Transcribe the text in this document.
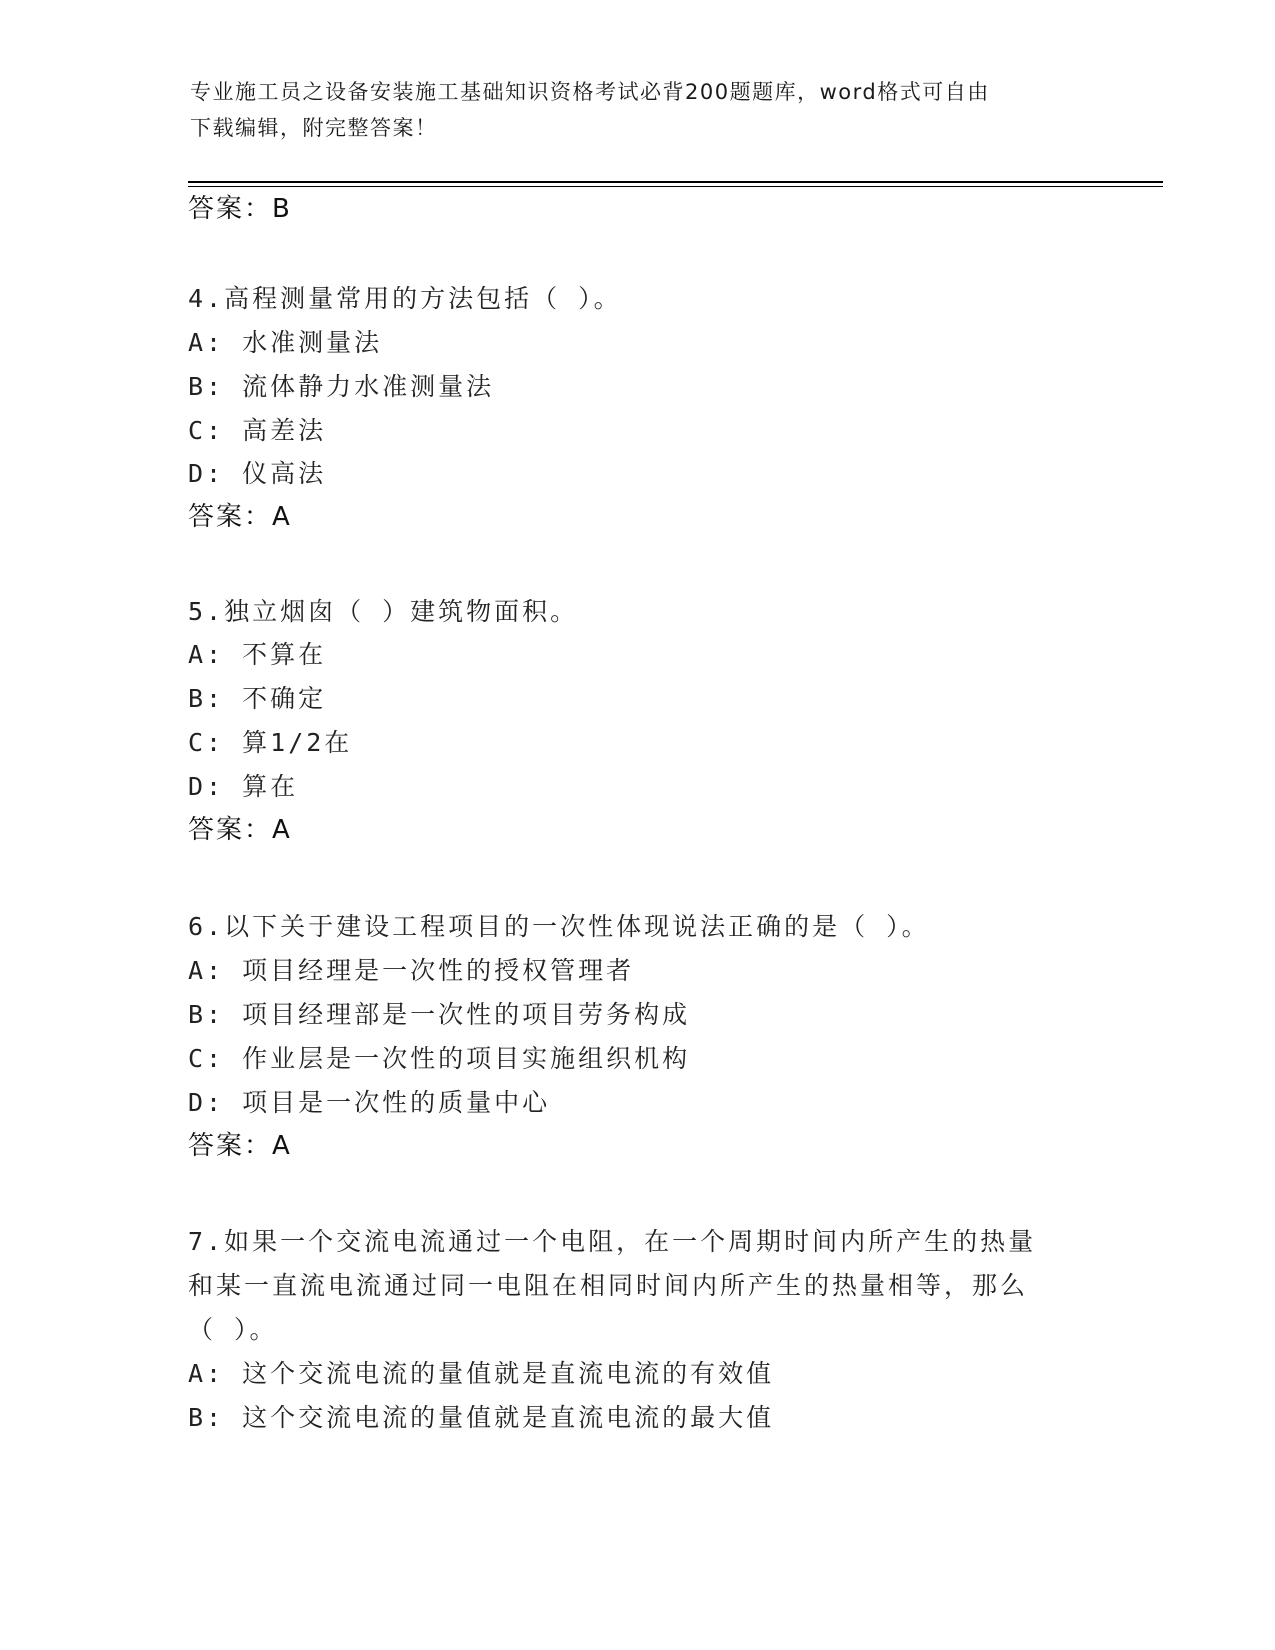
专业施工员之设备安装施工基础知识资格考试必背200题题库，word格式可自由
下载编辑，附完整答案！
答案：B
4.高程测量常用的方法包括（ ）。
A: 水准测量法
B: 流体静力水准测量法
C: 高差法
D: 仪高法
答案：A
5.独立烟囱（ ）建筑物面积。
A: 不算在
B: 不确定
C: 算1/2在
D: 算在
答案：A
6.以下关于建设工程项目的一次性体现说法正确的是（ ）。
A: 项目经理是一次性的授权管理者
B: 项目经理部是一次性的项目劳务构成
C: 作业层是一次性的项目实施组织机构
D: 项目是一次性的质量中心
答案：A
7.如果一个交流电流通过一个电阻，在一个周期时间内所产生的热量
和某一直流电流通过同一电阻在相同时间内所产生的热量相等，那么
（ ）。
A: 这个交流电流的量值就是直流电流的有效值
B: 这个交流电流的量值就是直流电流的最大值
